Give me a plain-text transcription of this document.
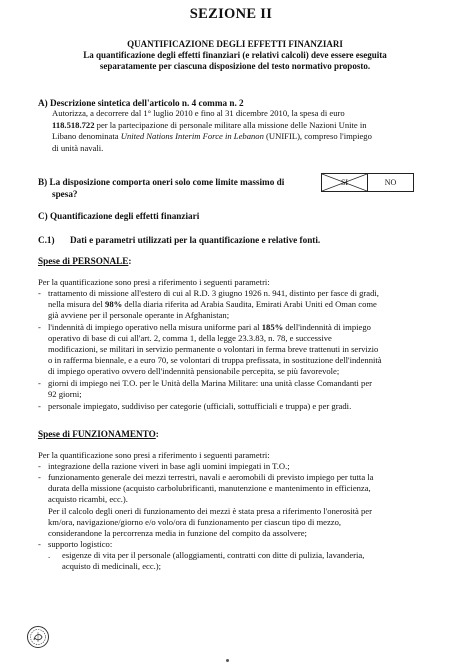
SEZIONE II
QUANTIFICAZIONE DEGLI EFFETTI FINANZIARI
La quantificazione degli effetti finanziari (e relativi calcoli) deve essere eseguita
separatamente per ciascuna disposizione del testo normativo proposto.
A) Descrizione sintetica dell'articolo n. 4 comma n. 2
Autorizza, a decorrere dal 1° luglio 2010 e fino al 31 dicembre 2010, la spesa di euro
118.518.722 per la partecipazione di personale militare alla missione delle Nazioni Unite in
Libano denominata United Nations Interim Force in Lebanon (UNIFIL), compreso l'impiego
di unità navali.
B) La disposizione comporta oneri solo come limite massimo di
spesa?
SI	NO
C) Quantificazione degli effetti finanziari
C.1) Dati e parametri utilizzati per la quantificazione e relative fonti.
Spese di PERSONALE:
Per la quantificazione sono presi a riferimento i seguenti parametri:
- trattamento di missione all'estero di cui al R.D. 3 giugno 1926 n. 941, distinto per fasce di gradi,
nella misura del 98% della diaria riferita ad Arabia Saudita, Emirati Arabi Uniti ed Oman come
già avviene per il personale operante in Afghanistan;
- l'indennità di impiego operativo nella misura uniforme pari al 185% dell'indennità di impiego
operativo di base di cui all'art. 2, comma 1, della legge 23.3.83, n. 78, e successive
modificazioni, se militari in servizio permanente o volontari in ferma breve trattenuti in servizio
o in rafferma biennale, e a euro 70, se volontari di truppa prefissata, in sostituzione dell'indennità
di impiego operativo ovvero dell'indennità pensionabile percepita, se più favorevole;
- giorni di impiego nei T.O. per le Unità della Marina Militare: una unità classe Comandanti per
92 giorni;
- personale impiegato, suddiviso per categorie (ufficiali, sottufficiali e truppa) e per gradi.
Spese di FUNZIONAMENTO:
Per la quantificazione sono presi a riferimento i seguenti parametri:
- integrazione della razione viveri in base agli uomini impiegati in T.O.;
- funzionamento generale dei mezzi terrestri, navali e aeromobili di previsto impiego per tutta la
durata della missione (acquisto carbolubrificanti, manutenzione e mantenimento in efficienza,
acquisto ricambi, ecc.).
Per il calcolo degli oneri di funzionamento dei mezzi è stata presa a riferimento l'onerosità per
km/ora, navigazione/giorno e/o volo/ora di funzionamento per ciascun tipo di mezzo,
considerandone la percorrenza media in funzione del compito da assolvere;
- supporto logistico:
. esigenze di vita per il personale (alloggiamenti, contratti con ditte di pulizia, lavanderia,
acquisto di medicinali, ecc.);
